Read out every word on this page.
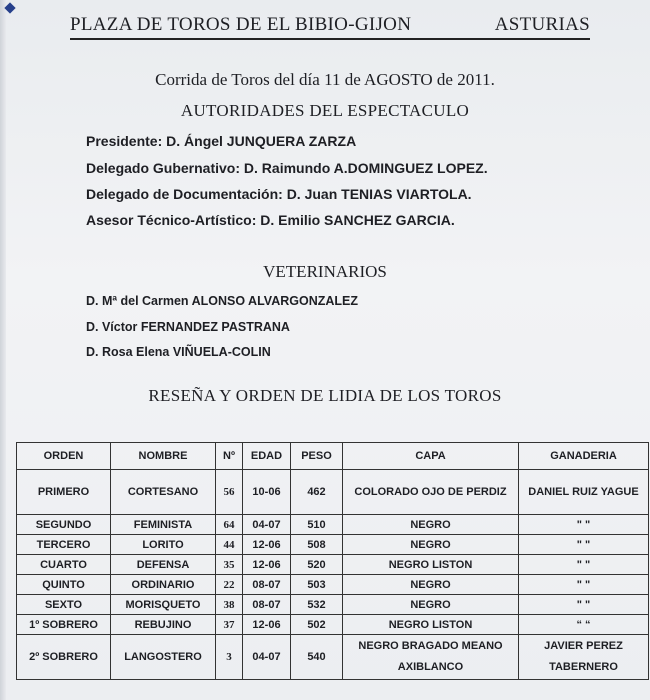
PLAZA DE TOROS DE EL BIBIO-GIJON	ASTURIAS
Corrida de Toros del día 11 de AGOSTO de 2011.
AUTORIDADES DEL ESPECTACULO
Presidente: D. Ángel JUNQUERA ZARZA
Delegado Gubernativo: D. Raimundo A.DOMINGUEZ LOPEZ.
Delegado de Documentación: D. Juan TENIAS VIARTOLA.
Asesor Técnico-Artístico: D. Emilio SANCHEZ GARCIA.
VETERINARIOS
D. Mª del Carmen ALONSO ALVARGONZALEZ
D. Víctor FERNANDEZ PASTRANA
D. Rosa Elena VIÑUELA-COLIN
RESEÑA Y ORDEN DE LIDIA DE LOS TOROS
ORDEN	NOMBRE	Nº	EDAD	PESO	CAPA	GANADERIA
PRIMERO	CORTESANO	56	10-06	462	COLORADO OJO DE PERDIZ	DANIEL RUIZ YAGUE
SEGUNDO	FEMINISTA	64	04-07	510	NEGRO	" "
TERCERO	LORITO	44	12-06	508	NEGRO	" "
CUARTO	DEFENSA	35	12-06	520	NEGRO LISTON	" "
QUINTO	ORDINARIO	22	08-07	503	NEGRO	" "
SEXTO	MORISQUETO	38	08-07	532	NEGRO	" "
1º SOBRERO	REBUJINO	37	12-06	502	NEGRO LISTON	“ “
2º SOBRERO	LANGOSTERO	3	04-07	540	NEGRO BRAGADO MEANO AXIBLANCO	JAVIER PEREZ TABERNERO
